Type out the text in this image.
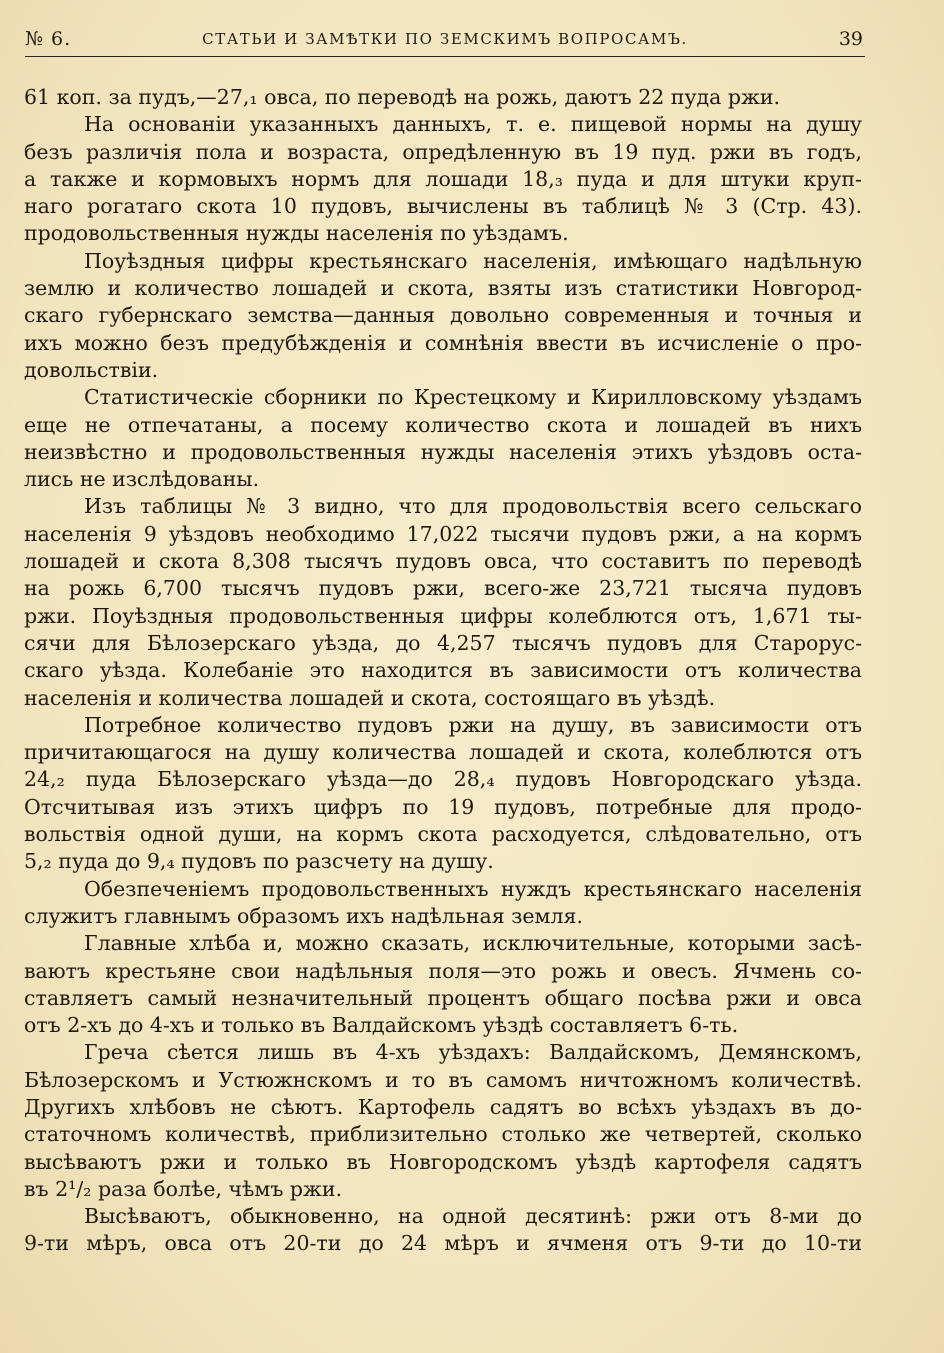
№ 6.	СТАТЬИ И ЗАМѢТКИ ПО ЗЕМСКИМЪ ВОПРОСАМЪ.	39
61 коп. за пудъ,—27,₁ овса, по переводѣ на рожь, даютъ 22 пуда ржи.
На основаніи указанныхъ данныхъ, т. е. пищевой нормы на душу
безъ различія пола и возраста, опредѣленную въ 19 пуд. ржи въ годъ,
а также и кормовыхъ нормъ для лошади 18,₃ пуда и для штуки круп-
наго рогатаго скота 10 пудовъ, вычислены въ таблицѣ № 3 (Стр. 43).
продовольственныя нужды населенія по уѣздамъ.
Поуѣздныя цифры крестьянскаго населенія, имѣющаго надѣльную
землю и количество лошадей и скота, взяты изъ статистики Новгород-
скаго губернскаго земства—данныя довольно современныя и точныя и
ихъ можно безъ предубѣжденія и сомнѣнія ввести въ исчисленіе о про-
довольствіи.
Статистическіе сборники по Крестецкому и Кирилловскому уѣздамъ
еще не отпечатаны, а посему количество скота и лошадей въ нихъ
неизвѣстно и продовольственныя нужды населенія этихъ уѣздовъ оста-
лись не изслѣдованы.
Изъ таблицы № 3 видно, что для продовольствія всего сельскаго
населенія 9 уѣздовъ необходимо 17,022 тысячи пудовъ ржи, а на кормъ
лошадей и скота 8,308 тысячъ пудовъ овса, что составитъ по переводѣ
на рожь 6,700 тысячъ пудовъ ржи, всего-же 23,721 тысяча пудовъ
ржи. Поуѣздныя продовольственныя цифры колеблются отъ, 1,671 ты-
сячи для Бѣлозерскаго уѣзда, до 4,257 тысячъ пудовъ для Старорус-
скаго уѣзда. Колебаніе это находится въ зависимости отъ количества
населенія и количества лошадей и скота, состоящаго въ уѣздѣ.
Потребное количество пудовъ ржи на душу, въ зависимости отъ
причитающагося на душу количества лошадей и скота, колеблются отъ
24,₂ пуда Бѣлозерскаго уѣзда—до 28,₄ пудовъ Новгородскаго уѣзда.
Отсчитывая изъ этихъ цифръ по 19 пудовъ, потребные для продо-
вольствія одной души, на кормъ скота расходуется, слѣдовательно, отъ
5,₂ пуда до 9,₄ пудовъ по разсчету на душу.
Обезпеченіемъ продовольственныхъ нуждъ крестьянскаго населенія
служитъ главнымъ образомъ ихъ надѣльная земля.
Главные хлѣба и, можно сказать, исключительные, которыми засѣ-
ваютъ крестьяне свои надѣльныя поля—это рожь и овесъ. Ячмень со-
ставляетъ самый незначительный процентъ общаго посѣва ржи и овса
отъ 2-хъ до 4-хъ и только въ Валдайскомъ уѣздѣ составляетъ 6-ть.
Греча сѣется лишь въ 4-хъ уѣздахъ: Валдайскомъ, Демянскомъ,
Бѣлозерскомъ и Устюжнскомъ и то въ самомъ ничтожномъ количествѣ.
Другихъ хлѣбовъ не сѣютъ. Картофель садятъ во всѣхъ уѣздахъ въ до-
статочномъ количествѣ, приблизительно столько же четвертей, сколько
высѣваютъ ржи и только въ Новгородскомъ уѣздѣ картофеля садятъ
въ 2¹/₂ раза болѣе, чѣмъ ржи.
Высѣваютъ, обыкновенно, на одной десятинѣ: ржи отъ 8-ми до
9-ти мѣръ, овса отъ 20-ти до 24 мѣръ и ячменя отъ 9-ти до 10-ти
